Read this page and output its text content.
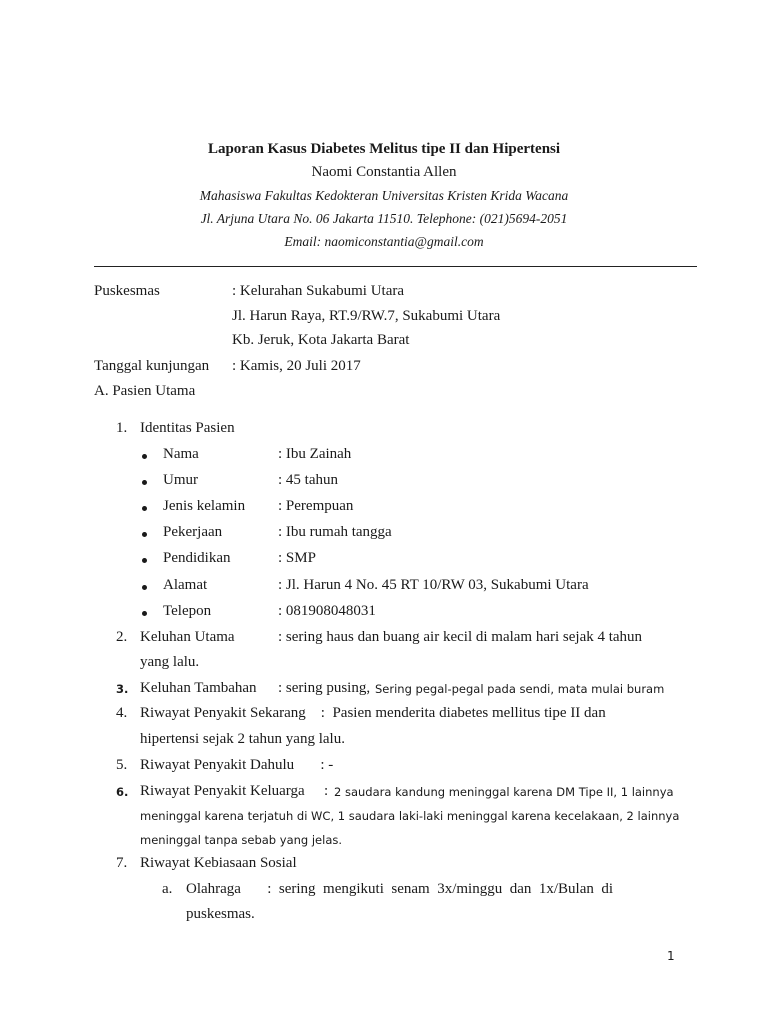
Laporan Kasus Diabetes Melitus tipe II dan Hipertensi
Naomi Constantia Allen
Mahasiswa Fakultas Kedokteran Universitas Kristen Krida Wacana
Jl. Arjuna Utara No. 06 Jakarta 11510. Telephone: (021)5694-2051
Email: naomiconstantia@gmail.com
Puskesmas	: Kelurahan Sukabumi Utara
Jl. Harun Raya, RT.9/RW.7, Sukabumi Utara
Kb. Jeruk, Kota Jakarta Barat
Tanggal kunjungan : Kamis, 20 Juli 2017
A. Pasien Utama
1. Identitas Pasien
Nama	: Ibu Zainah
Umur	: 45 tahun
Jenis kelamin : Perempuan
Pekerjaan	: Ibu rumah tangga
Pendidikan	: SMP
Alamat	: Jl. Harun 4 No. 45 RT 10/RW 03, Sukabumi Utara
Telepon	: 081908048031
2. Keluhan Utama	: sering haus dan buang air kecil di malam hari sejak 4 tahun
yang lalu.
3. Keluhan Tambahan : sering pusing, Sering pegal-pegal pada sendi, mata mulai buram
4. Riwayat Penyakit Sekarang    :  Pasien menderita diabetes mellitus tipe II dan
hipertensi sejak 2 tahun yang lalu.
5. Riwayat Penyakit Dahulu       : -
6. Riwayat Penyakit Keluarga : 2 saudara kandung meninggal karena DM Tipe II, 1 lainnya
meninggal karena terjatuh di WC, 1 saudara laki-laki meninggal karena kecelakaan, 2 lainnya
meninggal tanpa sebab yang jelas.
7. Riwayat Kebiasaan Sosial
a. Olahraga       :  sering  mengikuti  senam  3x/minggu  dan  1x/Bulan  di
puskesmas.
1
